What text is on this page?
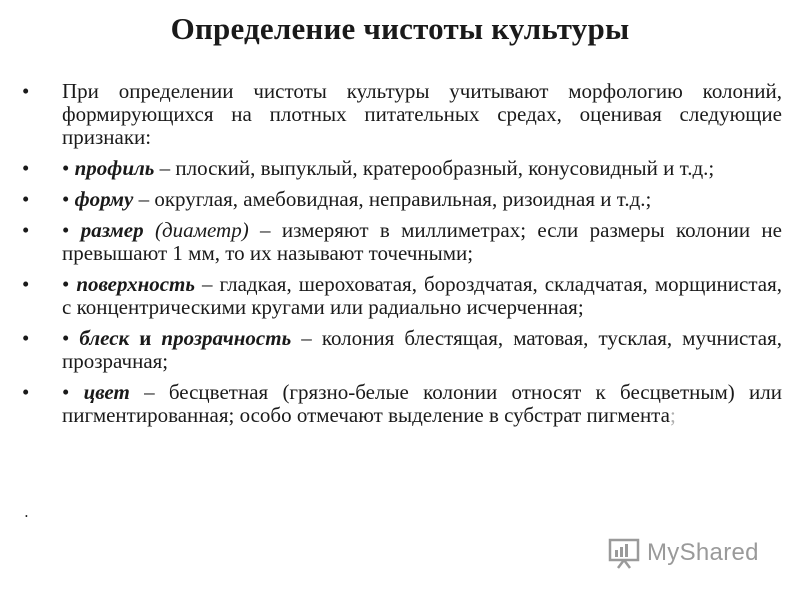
Определение чистоты культуры
• При определении чистоты культуры учитывают морфологию колоний, формирующихся на плотных питательных средах, оценивая следующие признаки:
• • профиль – плоский, выпуклый, кратерообразный, конусовидный и т.д.;
• • форму – округлая, амебовидная, неправильная, ризоидная и т.д.;
• • размер (диаметр) – измеряют в миллиметрах; если размеры колонии не превышают 1 мм, то их называют точечными;
• • поверхность – гладкая, шероховатая, бороздчатая, складчатая, морщинистая, с концентрическими кругами или радиально исчерченная;
• • блеск и прозрачность – колония блестящая, матовая, тусклая, мучнистая, прозрачная;
• • цвет – бесцветная (грязно-белые колонии относят к бесцветным) или пигментированная; особо отмечают выделение в субстрат пигмента;
•
MyShared
